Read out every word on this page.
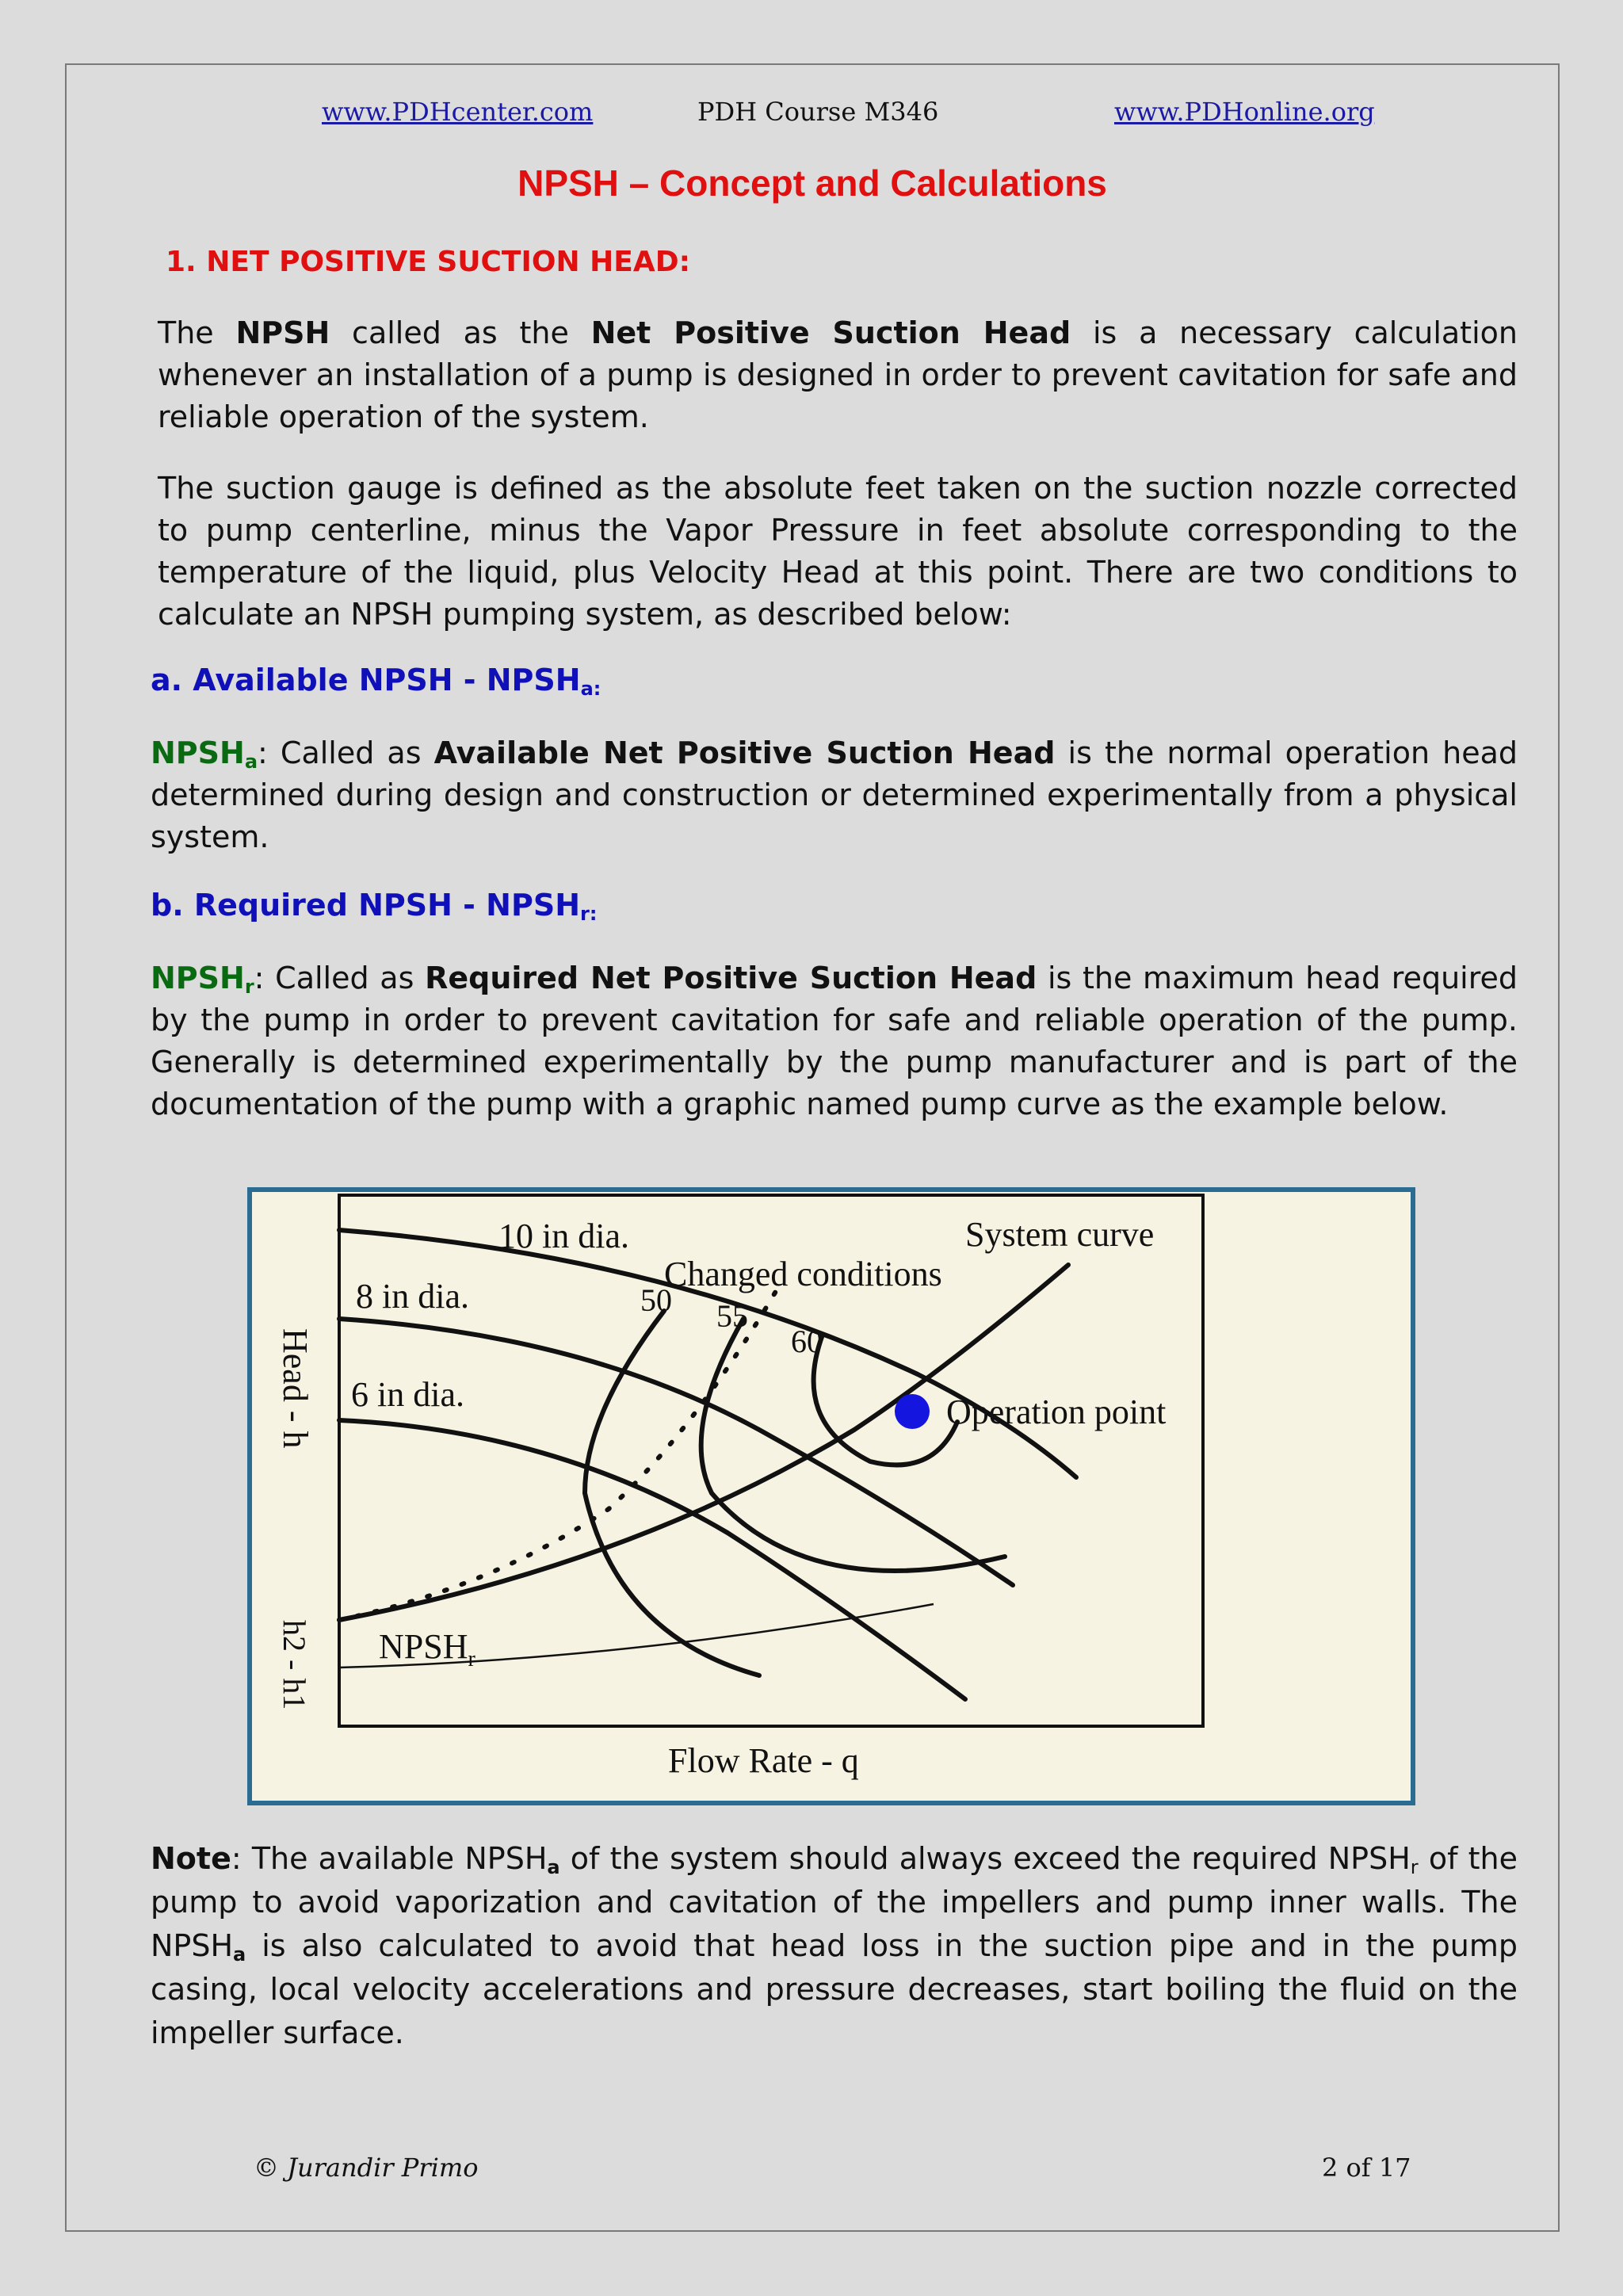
www.PDHcenter.com	PDH Course M346	www.PDHonline.org
NPSH – Concept and Calculations
1. NET POSITIVE SUCTION HEAD:

The NPSH called as the Net Positive Suction Head is a necessary calculation whenever an installation of a pump is designed in order to prevent cavitation for safe and reliable operation of the system.

The suction gauge is defined as the absolute feet taken on the suction nozzle corrected to pump centerline, minus the Vapor Pressure in feet absolute corresponding to the temperature of the liquid, plus Velocity Head at this point. There are two conditions to calculate an NPSH pumping system, as described below:

a. Available NPSH - $NPSH_{a:}$

$NPSH_a$: Called as Available Net Positive Suction Head is the normal operation head determined during design and construction or determined experimentally from a physical system.

b. Required NPSH - $NPSH_{r:}$

$NPSH_r$: Called as Required Net Positive Suction Head is the maximum head required by the pump in order to prevent cavitation for safe and reliable operation of the pump. Generally is determined experimentally by the pump manufacturer and is part of the documentation of the pump with a graphic named pump curve as the example below.

10 in dia.
8 in dia.
6 in dia.
System curve
Changed conditions
50 55
60
Operation point
$NPSH_r$
Head - h
h2 - h1
Flow Rate - q

Note: The available $NPSH_a$ of the system should always exceed the required $NPSH_r$ of the pump to avoid vaporization and cavitation of the impellers and pump inner walls. The $NPSH_a$ is also calculated to avoid that head loss in the suction pipe and in the pump casing, local velocity accelerations and pressure decreases, start boiling the fluid on the impeller surface.

© Jurandir Primo	2 of 17
